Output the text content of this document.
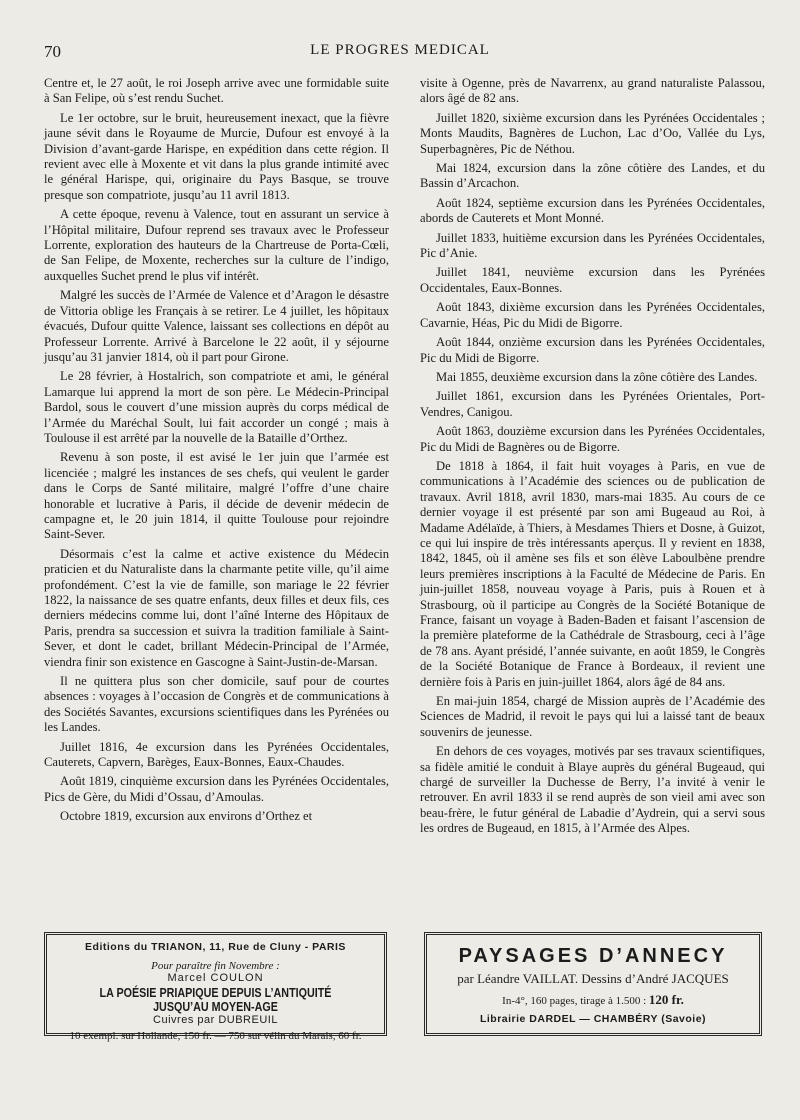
70	LE PROGRES MEDICAL

Centre et, le 27 août, le roi Joseph arrive avec une formidable suite à San Felipe, où s’est rendu Suchet.

Le 1er octobre, sur le bruit, heureusement inexact, que la fièvre jaune sévit dans le Royaume de Murcie, Dufour est envoyé à la Division d’avant-garde Harispe, en expédition dans cette région. Il revient avec elle à Moxente et vit dans la plus grande intimité avec le général Harispe, qui, originaire du Pays Basque, se trouve presque son compatriote, jusqu’au 11 avril 1813.

A cette époque, revenu à Valence, tout en assurant un service à l’Hôpital militaire, Dufour reprend ses travaux avec le Professeur Lorrente, exploration des hauteurs de la Chartreuse de Porta-Cœli, de San Felipe, de Moxente, recherches sur la culture de l’indigo, auxquelles Suchet prend le plus vif intérêt.

Malgré les succès de l’Armée de Valence et d’Aragon le désastre de Vittoria oblige les Français à se retirer. Le 4 juillet, les hôpitaux évacués, Dufour quitte Valence, laissant ses collections en dépôt au Professeur Lorrente. Arrivé à Barcelone le 22 août, il y séjourne jusqu’au 31 janvier 1814, où il part pour Girone.

Le 28 février, à Hostalrich, son compatriote et ami, le général Lamarque lui apprend la mort de son père. Le Médecin-Principal Bardol, sous le couvert d’une mission auprès du corps médical de l’Armée du Maréchal Soult, lui fait accorder un congé ; mais à Toulouse il est arrêté par la nouvelle de la Bataille d’Orthez.

Revenu à son poste, il est avisé le 1er juin que l’armée est licenciée ; malgré les instances de ses chefs, qui veulent le garder dans le Corps de Santé militaire, malgré l’offre d’une chaire honorable et lucrative à Paris, il décide de devenir médecin de campagne et, le 20 juin 1814, il quitte Toulouse pour rejoindre Saint-Sever.

Désormais c’est la calme et active existence du Médecin praticien et du Naturaliste dans la charmante petite ville, qu’il aime profondément. C’est la vie de famille, son mariage le 22 février 1822, la naissance de ses quatre enfants, deux filles et deux fils, ces derniers médecins comme lui, dont l’aîné Interne des Hôpitaux de Paris, prendra sa succession et suivra la tradition familiale à Saint-Sever, et dont le cadet, brillant Médecin-Principal de l’Armée, viendra finir son existence en Gascogne à Saint-Justin-de-Marsan.

Il ne quittera plus son cher domicile, sauf pour de courtes absences : voyages à l’occasion de Congrès et de communications à des Sociétés Savantes, excursions scientifiques dans les Pyrénées ou les Landes.

Juillet 1816, 4e excursion dans les Pyrénées Occidentales, Cauterets, Capvern, Barèges, Eaux-Bonnes, Eaux-Chaudes.

Août 1819, cinquième excursion dans les Pyrénées Occidentales, Pics de Gère, du Midi d’Ossau, d’Amoulas.

Octobre 1819, excursion aux environs d’Orthez et

visite à Ogenne, près de Navarrenx, au grand naturaliste Palassou, alors âgé de 82 ans.

Juillet 1820, sixième excursion dans les Pyrénées Occidentales ; Monts Maudits, Bagnères de Luchon, Lac d’Oo, Vallée du Lys, Superbagnères, Pic de Néthou.

Mai 1824, excursion dans la zône côtière des Landes, et du Bassin d’Arcachon.

Août 1824, septième excursion dans les Pyrénées Occidentales, abords de Cauterets et Mont Monné.

Juillet 1833, huitième excursion dans les Pyrénées Occidentales, Pic d’Anie.

Juillet 1841, neuvième excursion dans les Pyrénées Occidentales, Eaux-Bonnes.

Août 1843, dixième excursion dans les Pyrénées Occidentales, Cavarnie, Héas, Pic du Midi de Bigorre.

Août 1844, onzième excursion dans les Pyrénées Occidentales, Pic du Midi de Bigorre.

Mai 1855, deuxième excursion dans la zône côtière des Landes.

Juillet 1861, excursion dans les Pyrénées Orientales, Port-Vendres, Canigou.

Août 1863, douzième excursion dans les Pyrénées Occidentales, Pic du Midi de Bagnères ou de Bigorre.

De 1818 à 1864, il fait huit voyages à Paris, en vue de communications à l’Académie des sciences ou de publication de travaux. Avril 1818, avril 1830, mars-mai 1835. Au cours de ce dernier voyage il est présenté par son ami Bugeaud au Roi, à Madame Adélaïde, à Thiers, à Mesdames Thiers et Dosne, à Guizot, ce qui lui inspire de très intéressants aperçus. Il y revient en 1838, 1842, 1845, où il amène ses fils et son élève Laboulbène prendre leurs premières inscriptions à la Faculté de Médecine de Paris. En juin-juillet 1858, nouveau voyage à Paris, puis à Rouen et à Strasbourg, où il participe au Congrès de la Société Botanique de France, faisant un voyage à Baden-Baden et faisant l’ascension de la première plateforme de la Cathédrale de Strasbourg, ceci à l’âge de 78 ans. Ayant présidé, l’année suivante, en août 1859, le Congrès de la Société Botanique de France à Bordeaux, il revient une dernière fois à Paris en juin-juillet 1864, alors âgé de 84 ans.

En mai-juin 1854, chargé de Mission auprès de l’Académie des Sciences de Madrid, il revoit le pays qui lui a laissé tant de beaux souvenirs de jeunesse.

En dehors de ces voyages, motivés par ses travaux scientifiques, sa fidèle amitié le conduit à Blaye auprès du général Bugeaud, qui chargé de surveiller la Duchesse de Berry, l’a invité à venir le retrouver. En avril 1833 il se rend auprès de son vieil ami avec son beau-frère, le futur général de Labadie d’Aydrein, qui a servi sous les ordres de Bugeaud, en 1815, à l’Armée des Alpes.

Editions du TRIANON, 11, Rue de Cluny - PARIS
Pour paraître fin Novembre :
Marcel COULON
LA POÉSIE PRIAPIQUE DEPUIS L’ANTIQUITÉ JUSQU’AU MOYEN-AGE
Cuivres par DUBREUIL
10 exempl. sur Hollande, 150 fr. — 750 sur vélin du Marais, 60 fr.
PAYSAGES D’ANNECY
par Léandre VAILLAT. Dessins d’André JACQUES
In-4°, 160 pages, tirage à 1.500 : 120 fr.
Librairie DARDEL — CHAMBÉRY (Savoie)
